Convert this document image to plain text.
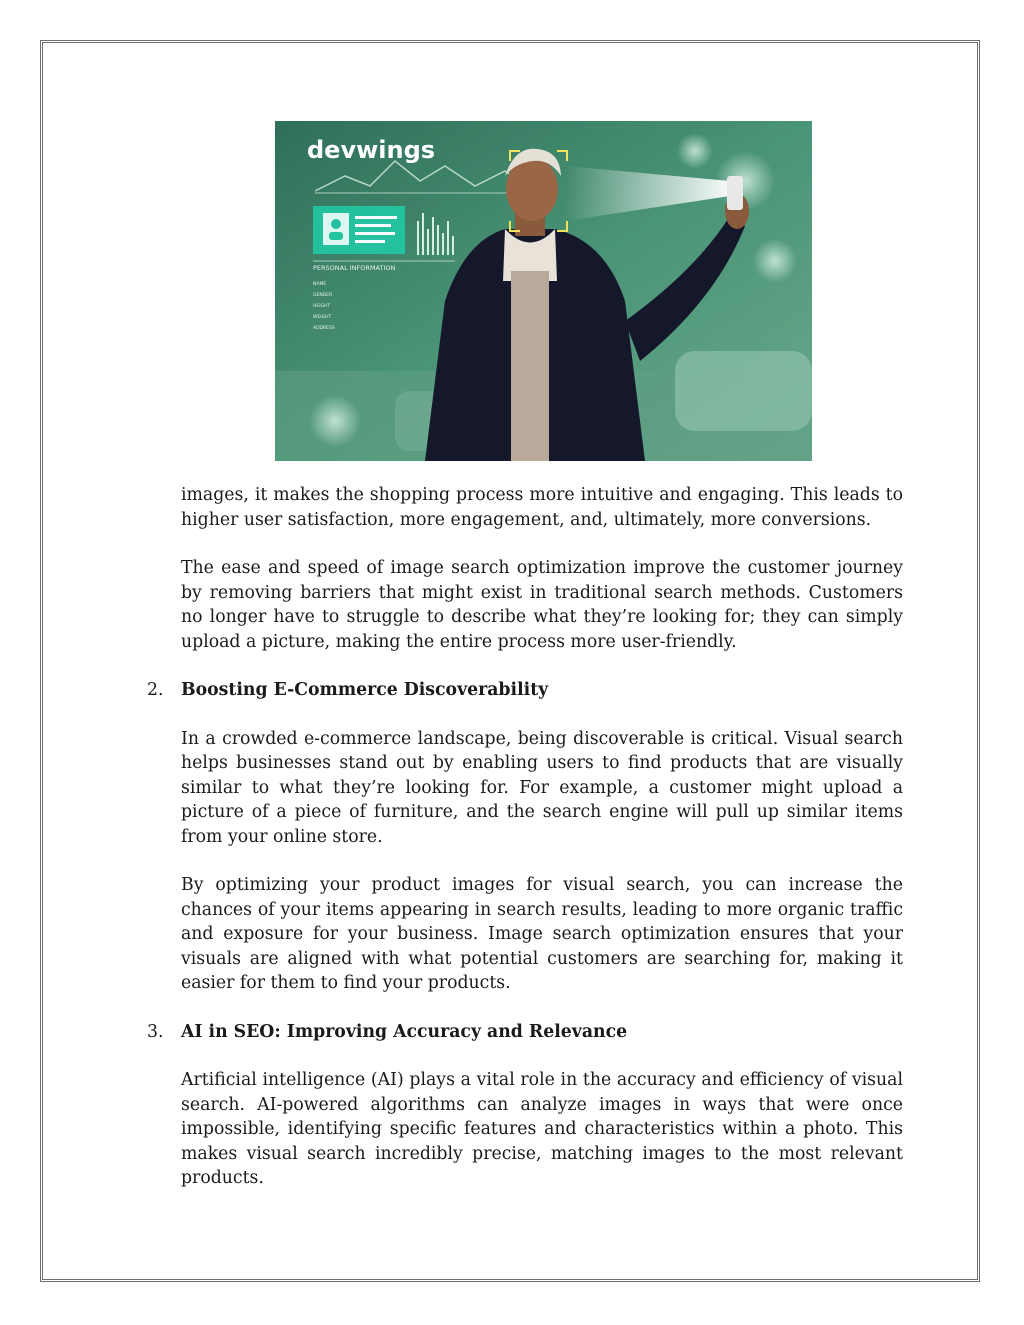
devwings
PERSONAL INFORMATION
NAME
GENDER
HEIGHT
WEIGHT
ADDRESS

images, it makes the shopping process more intuitive and engaging. This leads to higher user satisfaction, more engagement, and, ultimately, more conversions.

The ease and speed of image search optimization improve the customer journey by removing barriers that might exist in traditional search methods. Customers no longer have to struggle to describe what they’re looking for; they can simply upload a picture, making the entire process more user-friendly.

2. Boosting E-Commerce Discoverability

In a crowded e-commerce landscape, being discoverable is critical. Visual search helps businesses stand out by enabling users to find products that are visually similar to what they’re looking for. For example, a customer might upload a picture of a piece of furniture, and the search engine will pull up similar items from your online store.

By optimizing your product images for visual search, you can increase the chances of your items appearing in search results, leading to more organic traffic and exposure for your business. Image search optimization ensures that your visuals are aligned with what potential customers are searching for, making it easier for them to find your products.

3. AI in SEO: Improving Accuracy and Relevance

Artificial intelligence (AI) plays a vital role in the accuracy and efficiency of visual search. AI-powered algorithms can analyze images in ways that were once impossible, identifying specific features and characteristics within a photo. This makes visual search incredibly precise, matching images to the most relevant products.
